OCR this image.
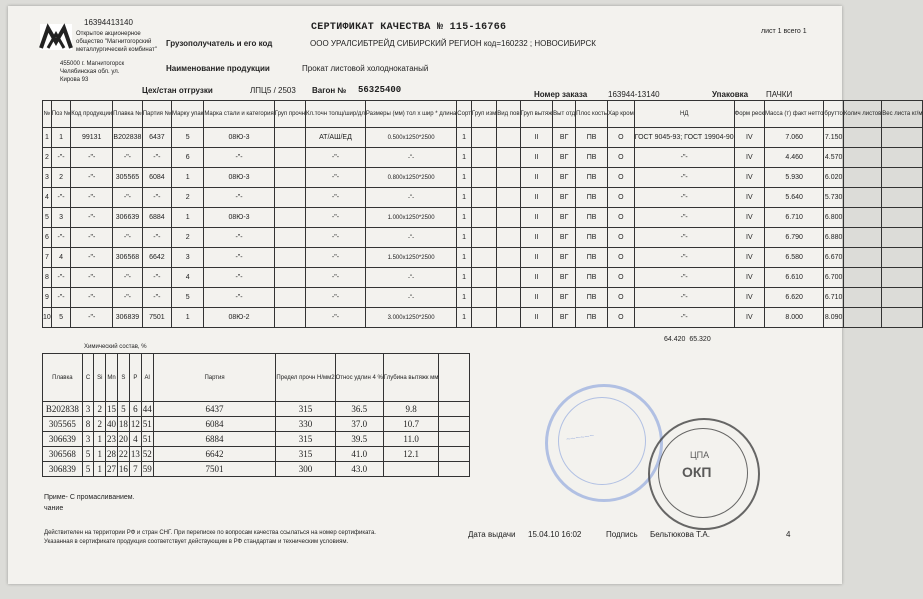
16394413140
Открытое акционерное
общество "Магнитогорский
металлургический комбинат"
455000 г. Магнитогорск
Челябинская обл. ул.
Кирова 93
СЕРТИФИКАТ КАЧЕСТВА № 115-16766	лист 1 всего 1
Грузополучатель и его код	ООО УРАЛСИБТРЕЙД СИБИРСКИЙ РЕГИОН код=160232 ; НОВОСИБИРСК
Наименование продукции	Прокат листовой холоднокатаный
Цех/стан отгрузки	ЛПЦ5 / 2503 Вагон № 56325400	Номер заказа	163944-13140	Упаковка ПАЧКИ
№	Поз №	Код продукции	Плавка №	Партия №	Марку упак	Марка стали и категория	Груп прочн	Кл.точн толщ/шир/дл	Размеры (мм) тол х шир * длина	Сорт	Груп изм	Вид пов	Груп вытяж	Выт отд	Плос кость	Хар кром	НД	Форм реск	Масса (т) факт нетто	брутто	Колич листов	Вес листа кг/м
1	1	99131	В202838	6437	5	08Ю-3		АТ/АШ/ЕД	0.500x1250*2500	1			II	ВГ	ПВ	О	ГОСТ 9045-93; ГОСТ 19904-90	IV	7.060	7.150		
2	-"-	-"-	-"-	-"-	6	-"-		-"-	-"-	1			II	ВГ	ПВ	О	-"-	IV	4.460	4.570		
3	2	-"-	305565	6084	1	08Ю-3		-"-	0.800x1250*2500	1			II	ВГ	ПВ	О	-"-	IV	5.930	6.020		
4	-"-	-"-	-"-	-"-	2	-"-		-"-	-"-	1			II	ВГ	ПВ	О	-"-	IV	5.640	5.730		
5	3	-"-	306639	6884	1	08Ю-3		-"-	1.000x1250*2500	1			II	ВГ	ПВ	О	-"-	IV	6.710	6.800		
6	-"-	-"-	-"-	-"-	2	-"-		-"-	-"-	1			II	ВГ	ПВ	О	-"-	IV	6.790	6.880		
7	4	-"-	306568	6642	3	-"-		-"-	1.500x1250*2500	1			II	ВГ	ПВ	О	-"-	IV	6.580	6.670		
8	-"-	-"-	-"-	-"-	4	-"-		-"-	-"-	1			II	ВГ	ПВ	О	-"-	IV	6.610	6.700		
9	-"-	-"-	-"-	-"-	5	-"-		-"-	-"-	1			II	ВГ	ПВ	О	-"-	IV	6.620	6.710		
10	5	-"-	306839	7501	1	08Ю-2		-"-	3.000x1250*2500	1			II	ВГ	ПВ	О	-"-	IV	8.000	8.090		
64.420 65.320
Химический состав, %
Плавка	C	Si	Mn	S	P	Al	Партия	Предел прочн Н/мм2	Относ удлин 4 %	Глубина вытяжк мм	
В202838	3	2	15	5	6	44	6437	315	36.5	9.8	
305565	8	2	40	18	12	51	6084	330	37.0	10.7	
306639	3	1	23	20	4	51	6884	315	39.5	11.0	
306568	5	1	28	22	13	52	6642	315	41.0	12.1	
306839	5	1	27	16	7	59	7501	300	43.0		
~~~~~~
ЦПА
ОКП
Приме- С промасливанием.
чание
Действителен на территории РФ и стран СНГ. При переписке по вопросам качества ссылаться на номер сертификата.
Указанная в сертификате продукция соответствует действующим в РФ стандартам и техническим условиям.
Дата выдачи 15.04.10 16:02	Подпись Бельтюкова Т.А.	4
